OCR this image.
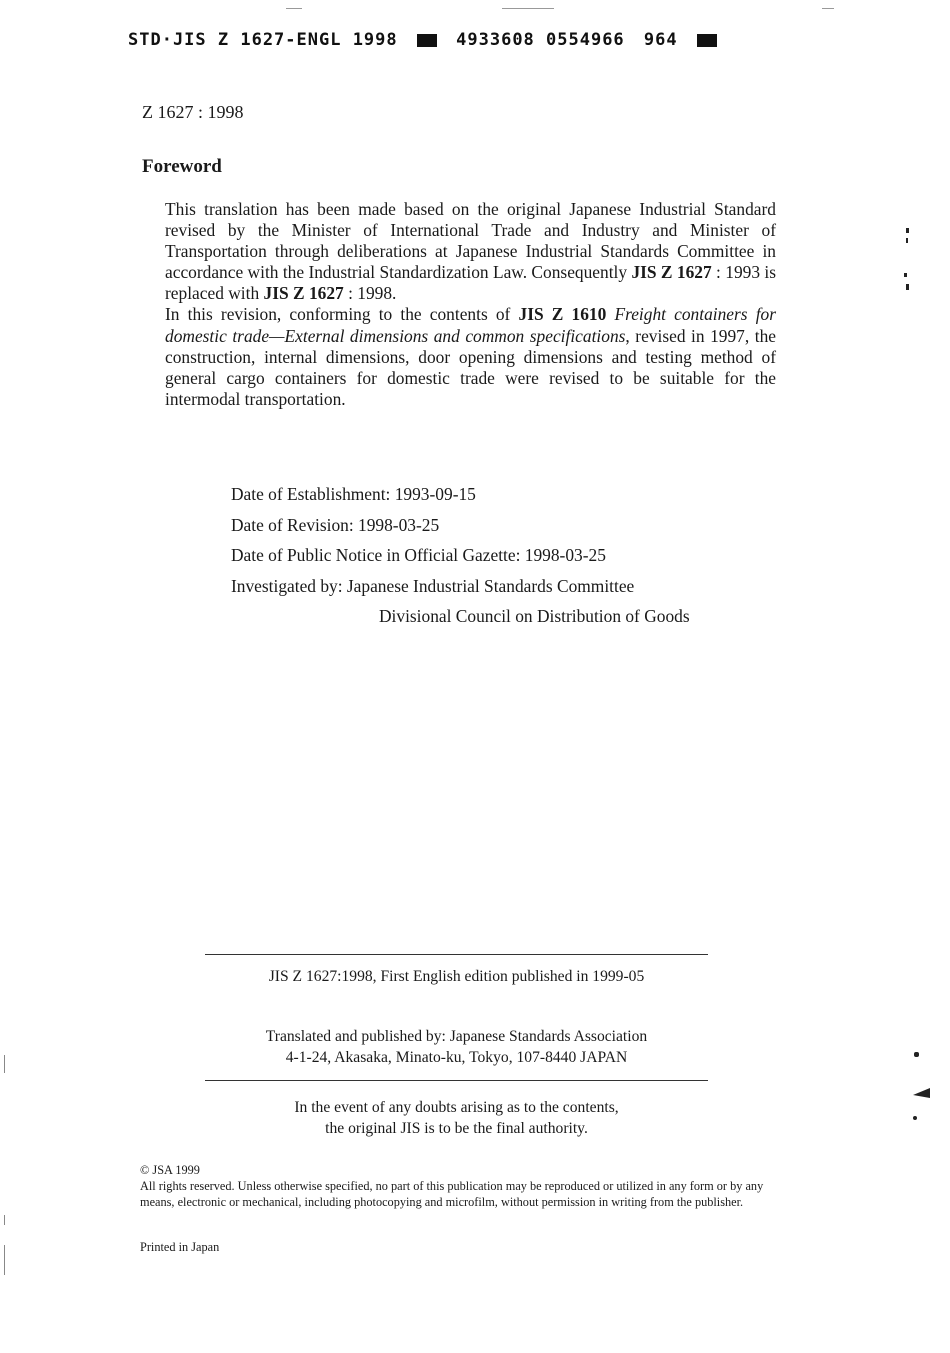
STD·JIS Z 1627-ENGL 1998	4933608 0554966 964
Z 1627 : 1998
Foreword

This translation has been made based on the original Japanese Industrial Standard revised by the Minister of International Trade and Industry and Minister of Transportation through deliberations at Japanese Industrial Standards Committee in accordance with the Industrial Standardization Law. Consequently JIS Z 1627 : 1993 is replaced with JIS Z 1627 : 1998.

In this revision, conforming to the contents of JIS Z 1610 Freight containers for domestic trade—External dimensions and common specifications, revised in 1997, the construction, internal dimensions, door opening dimensions and testing method of general cargo containers for domestic trade were revised to be suitable for the intermodal transportation.

Date of Establishment: 1993-09-15
Date of Revision: 1998-03-25
Date of Public Notice in Official Gazette: 1998-03-25
Investigated by: Japanese Industrial Standards Committee
Divisional Council on Distribution of Goods
JIS Z 1627:1998, First English edition published in 1999-05
Translated and published by: Japanese Standards Association
4-1-24, Akasaka, Minato-ku, Tokyo, 107-8440 JAPAN
In the event of any doubts arising as to the contents,
the original JIS is to be the final authority.

© JSA 1999

All rights reserved. Unless otherwise specified, no part of this publication may be reproduced or utilized in any form or by any means, electronic or mechanical, including photocopying and microfilm, without permission in writing from the publisher.

Printed in Japan
